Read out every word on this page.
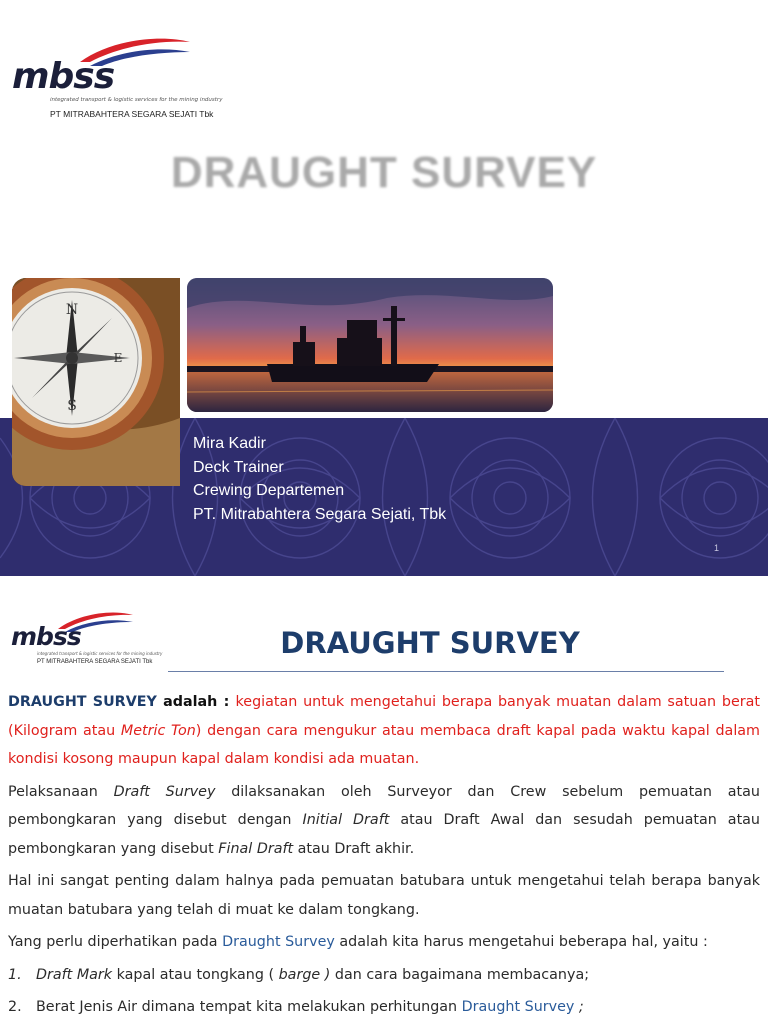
mbss
integrated transport & logistic services for the mining industry
PT MITRABAHTERA SEGARA SEJATI Tbk
DRAUGHT SURVEY
1
N
S
E
Mira Kadir
Deck Trainer
Crewing Departemen
PT. Mitrabahtera Segara Sejati, Tbk
mbss
integrated transport & logistic services for the mining industry
PT MITRABAHTERA SEGARA SEJATI Tbk
DRAUGHT SURVEY

DRAUGHT SURVEY adalah : kegiatan untuk mengetahui berapa banyak muatan dalam satuan berat (Kilogram atau Metric Ton) dengan cara mengukur atau membaca draft kapal pada waktu kapal dalam kondisi kosong maupun kapal dalam kondisi ada muatan.

Pelaksanaan Draft Survey dilaksanakan oleh Surveyor dan Crew sebelum pemuatan atau pembongkaran yang disebut dengan Initial Draft atau Draft Awal dan sesudah pemuatan atau pembongkaran yang disebut Final Draft atau Draft akhir.

Hal ini sangat penting dalam halnya pada pemuatan batubara untuk mengetahui telah berapa banyak muatan batubara yang telah di muat ke dalam tongkang.

Yang perlu diperhatikan pada Draught Survey adalah kita harus mengetahui beberapa hal, yaitu :

1.	Draft Mark kapal atau tongkang ( barge ) dan cara bagaimana membacanya;
2.	Berat Jenis Air dimana tempat kita melakukan perhitungan Draught Survey ;
